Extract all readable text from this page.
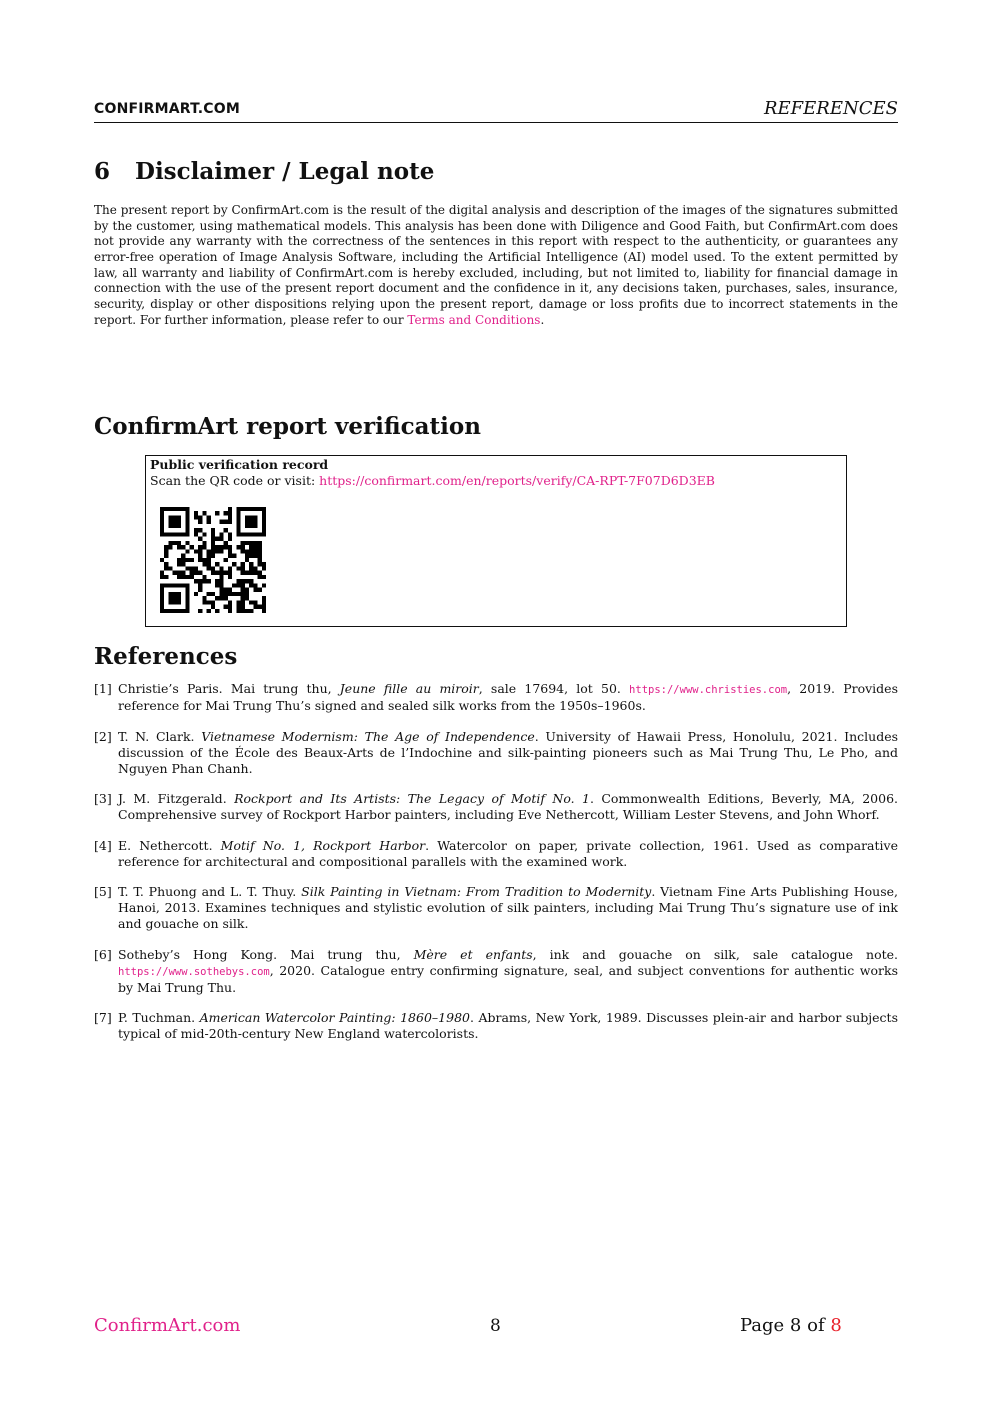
CONFIRMART.COM	REFERENCES
6 Disclaimer / Legal note

The present report by ConfirmArt.com is the result of the digital analysis and description of the images of the signatures submitted by the customer, using mathematical models. This analysis has been done with Diligence and Good Faith, but ConfirmArt.com does not provide any warranty with the correctness of the sentences in this report with respect to the authenticity, or guarantees any error-free operation of Image Analysis Software, including the Artificial Intelligence (AI) model used. To the extent permitted by law, all warranty and liability of ConfirmArt.com is hereby excluded, including, but not limited to, liability for financial damage in connection with the use of the present report document and the confidence in it, any decisions taken, purchases, sales, insurance, security, display or other dispositions relying upon the present report, damage or loss profits due to incorrect statements in the report. For further information, please refer to our Terms and Conditions.

ConfirmArt report verification
Public verification record
Scan the QR code or visit: https://confirmart.com/en/reports/verify/CA-RPT-7F07D6D3EB
References
[1] Christie’s Paris. Mai trung thu, Jeune fille au miroir, sale 17694, lot 50. https://www.christies.com, 2019. Provides reference for Mai Trung Thu’s signed and sealed silk works from the 1950s–1960s.
[2] T. N. Clark. Vietnamese Modernism: The Age of Independence. University of Hawaii Press, Honolulu, 2021. Includes discussion of the École des Beaux-Arts de l’Indochine and silk-painting pioneers such as Mai Trung Thu, Le Pho, and Nguyen Phan Chanh.
[3] J. M. Fitzgerald. Rockport and Its Artists: The Legacy of Motif No. 1. Commonwealth Editions, Beverly, MA, 2006. Comprehensive survey of Rockport Harbor painters, including Eve Nethercott, William Lester Stevens, and John Whorf.
[4] E. Nethercott. Motif No. 1, Rockport Harbor. Watercolor on paper, private collection, 1961. Used as comparative reference for architectural and compositional parallels with the examined work.
[5] T. T. Phuong and L. T. Thuy. Silk Painting in Vietnam: From Tradition to Modernity. Vietnam Fine Arts Publishing House, Hanoi, 2013. Examines techniques and stylistic evolution of silk painters, including Mai Trung Thu’s signature use of ink and gouache on silk.
[6] Sotheby’s Hong Kong. Mai trung thu, Mère et enfants, ink and gouache on silk, sale catalogue note. https://www.sothebys.com, 2020. Catalogue entry confirming signature, seal, and subject conventions for authentic works by Mai Trung Thu.
[7] P. Tuchman. American Watercolor Painting: 1860–1980. Abrams, New York, 1989. Discusses plein-air and harbor subjects typical of mid-20th-century New England watercolorists.
ConfirmArt.com	8	Page 8 of 8
